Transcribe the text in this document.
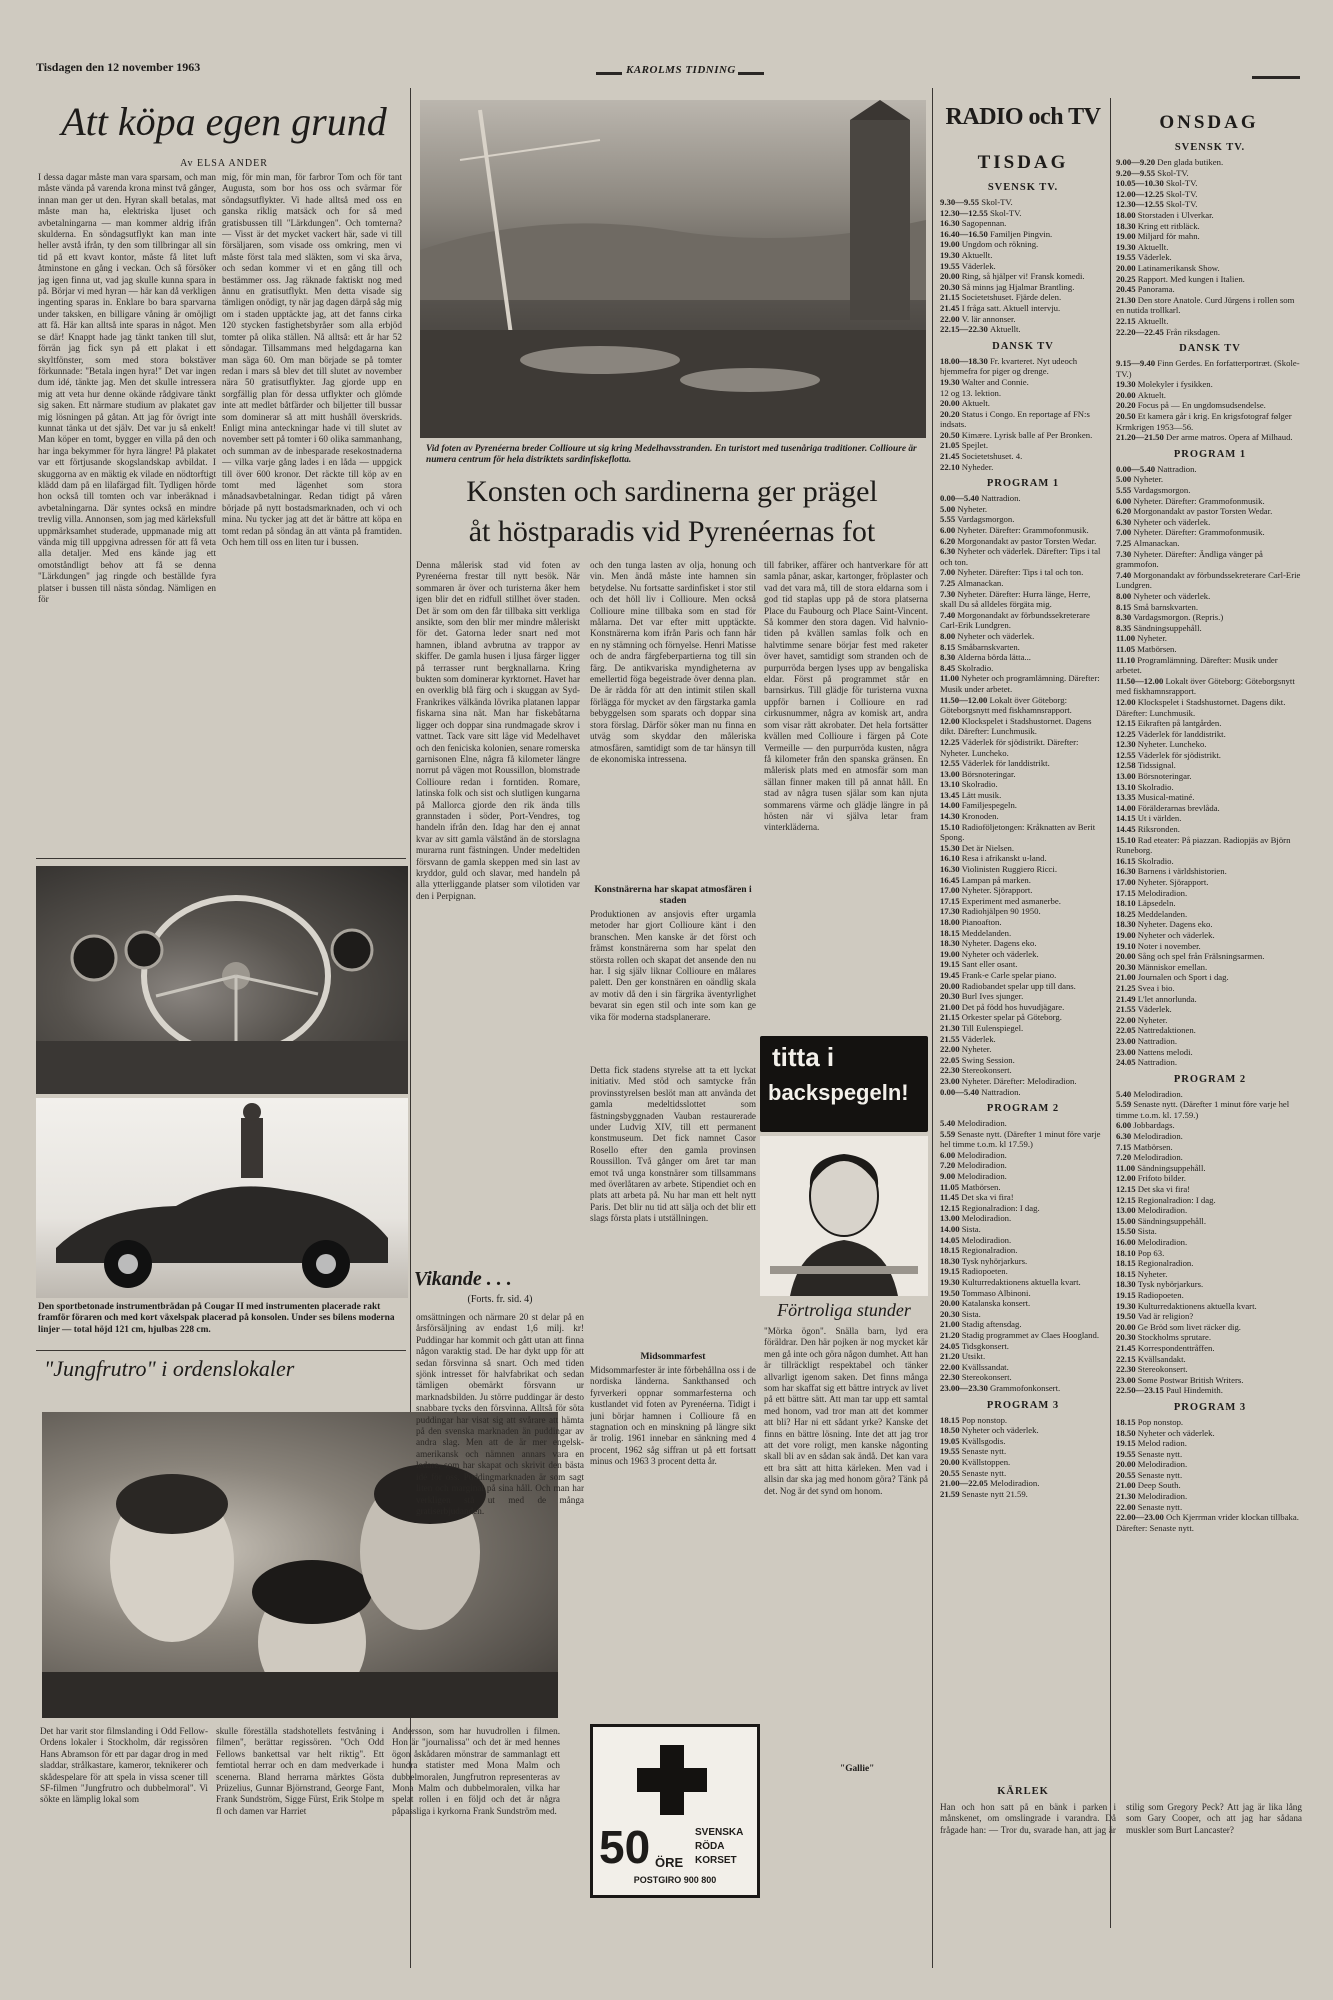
Tisdagen den 12 november 1963	KAROLMS TIDNING
Att köpa egen grund
Av ELSA ANDER
I dessa dagar måste man vara sparsam, och man måste vända på varenda krona minst två gånger, innan man ger ut den. Hyran skall betalas, mat måste man ha, elektriska ljuset och avbetalningarna — man kommer aldrig ifrån skulderna. En söndagsutflykt kan man inte heller avstå ifrån, ty den som tillbringar all sin tid på ett kvavt kontor, måste få litet luft åtminstone en gång i veckan. Och så försöker jag igen finna ut, vad jag skulle kunna spara in på. Börjar vi med hyran — här kan då verkligen ingenting sparas in. Enklare bo bara sparvarna under taksken, en billigare våning är omöjligt att få. Här kan alltså inte sparas in något. Men se där! Knappt hade jag tänkt tanken till slut, förrän jag fick syn på ett plakat i ett skyltfönster, som med stora bokstäver förkunnade: "Betala ingen hyra!" Det var ingen dum idé, tänkte jag. Men det skulle intressera mig att veta hur denne okände rådgivare tänkt sig saken. Ett närmare studium av plakatet gav mig lösningen på gåtan. Att jag för övrigt inte kunnat tänka ut det själv. Det var ju så enkelt! Man köper en tomt, bygger en villa på den och har inga bekymmer för hyra längre! På plakatet var ett förtjusande skogslandskap avbildat. I skuggorna av en mäktig ek vilade en nödtorftigt klädd dam på en lilafärgad filt. Tydligen hörde hon också till tomten och var inberäknad i avbetalningarna. Där syntes också en mindre trevlig villa. Annonsen, som jag med kärleksfull uppmärksamhet studerade, uppmanade mig att vända mig till uppgivna adressen för att få veta alla detaljer. Med ens kände jag ett omotståndligt behov att få se denna "Lärkdungen" jag ringde och beställde fyra platser i bussen till nästa söndag. Nämligen en för
mig, för min man, för farbror Tom och för tant Augusta, som bor hos oss och svärmar för söndagsutflykter. Vi hade alltså med oss en ganska riklig matsäck och for så med gratisbussen till "Lärkdungen". Och tomterna? — Visst är det mycket vackert här, sade vi till försäljaren, som visade oss omkring, men vi måste först tala med släkten, som vi ska ärva, och sedan kommer vi et en gång till och bestämmer oss. Jag räknade faktiskt nog med ännu en gratisutflykt. Men detta visade sig tämligen onödigt, ty när jag dagen därpå såg mig om i staden upptäckte jag, att det fanns cirka 120 stycken fastighetsbyråer som alla erbjöd tomter på olika ställen. Nå alltså: ett år har 52 söndagar. Tillsammans med helgdagarna kan man säga 60. Om man började se på tomter redan i mars så blev det till slutet av november nära 50 gratisutflykter. Jag gjorde upp en sorgfällig plan för dessa utflykter och glömde inte att medlet båtfärder och biljetter till bussar som dominerar så att mitt hushåll överskrids. Enligt mina anteckningar hade vi till slutet av november sett på tomter i 60 olika sammanhang, och summan av de inbesparade resekostnaderna — vilka varje gång lades i en låda — uppgick till över 600 kronor. Det räckte till köp av en tomt med lägenhet som stora månadsavbetalningar. Redan tidigt på våren började på nytt bostadsmarknaden, och vi och mina. Nu tycker jag att det är bättre att köpa en tomt redan på söndag än att vänta på framtiden. Och hem till oss en liten tur i bussen.
Den sportbetonade instrumentbrädan på Cougar II med instrumenten placerade rakt framför föraren och med kort växelspak placerad på konsolen. Under ses bilens moderna linjer — total höjd 121 cm, hjulbas 228 cm.
"Jungfrutro" i ordenslokaler
Det har varit stor filmslanding i Odd Fellow-Ordens lokaler i Stockholm, där regissören Hans Abramson för ett par dagar drog in med sladdar, strålkastare, kameror, teknikerer och skådespelare för att spela in vissa scener till SF-filmen "Jungfrutro och dubbelmoral". Vi sökte en lämplig lokal som
skulle föreställa stadshotellets festvåning i filmen", berättar regissören. "Och Odd Fellows bankettsal var helt riktig". Ett femtiotal herrar och en dam medverkade i scenerna. Bland herrarna märktes Gösta Prüzelius, Gunnar Björnstrand, George Fant, Frank Sundström, Sigge Fürst, Erik Stolpe m fl och damen var Harriet
Andersson, som har huvudrollen i filmen. Hon är "journalissa" och det är med hennes ögon åskådaren mönstrar de sammanlagt ett hundra statister med Mona Malm och dubbelmoralen, Jungfrutron representeras av Mona Malm och dubbelmoralen, vilka har spelat rollen i en följd och det är några påpassliga i kyrkorna Frank Sundström med.
Vikande . . .
(Forts. fr. sid. 4)
omsättningen och närmare 20 st delar på en årsförsäljning av endast 1,6 milj. kr! Puddingar har kommit och gått utan att finna någon varaktig stad. De har dykt upp för att sedan försvinna så snart. Och med tiden sjönk intresset för halvfabrikat och sedan tämligen obemärkt försvann ur marknadsbilden. Ju större puddingar är desto snabbare tycks den försvinna. Alltså för söta puddingar har visat sig att svårare att hämta på den svenska marknaden än puddingar av andra slag. Men att de är mer engelsk-amerikansk och nämnen annars vara en ledare, som har skapat och skrivit den bästa idé för oss. Puddingmarknaden är som sagt liten och marginal på sina håll. Och man har verkligen stå ut med de många gratiserbjudanden.
Vid foten av Pyrenéerna breder Collioure ut sig kring Medelhavsstranden. En turistort med tusenåriga traditioner. Collioure är numera centrum för hela distriktets sardinfiskeflotta.
Konsten och sardinerna ger prägel
åt höstparadis vid Pyrenéernas fot
Denna målerisk stad vid foten av Pyrenéerna frestar till nytt besök. När sommaren är över och turisterna åker hem igen blir det en ridfull stillhet över staden. Det är som om den får tillbaka sitt verkliga ansikte, som den blir mer mindre måleriskt för det. Gatorna leder snart ned mot hamnen, ibland avbrutna av trappor av skiffer. De gamla husen i ljusa färger ligger på terrasser runt bergknallarna. Kring bukten som dominerar kyrktornet. Havet har en overklig blå färg och i skuggan av Syd-Frankrikes välkända lövrika platanen lappar fiskarna sina nät. Man har fiskebåtarna ligger och doppar sina rundmagade skrov i vattnet. Tack vare sitt läge vid Medelhavet och den feniciska kolonien, senare romerska garnisonen Elne, några få kilometer längre norrut på vägen mot Roussillon, blomstrade Collioure redan i forntiden. Romare, latinska folk och sist och slutligen kungarna på Mallorca gjorde den rik ända tills grannstaden i söder, Port-Vendres, tog handeln ifrån den. Idag har den ej annat kvar av sitt gamla välstånd än de storslagna murarna runt fästningen. Under medeltiden försvann de gamla skeppen med sin last av kryddor, guld och slavar, med handeln på alla ytterliggande platser som vilotiden var den i Perpignan.
och den tunga lasten av olja, honung och vin. Men ändå måste inte hamnen sin betydelse. Nu fortsatte sardinfisket i stor stil och det höll liv i Collioure. Men också Collioure mine tillbaka som en stad för målarna. Det var efter mitt upptäckte. Konstnärerna kom ifrån Paris och fann här en ny stämning och förnyelse. Henri Matisse och de andra färgfeberpartierna tog till sin färg. De antikvariska myndigheterna av emellertid föga begeistrade över denna plan. De är rädda för att den intimit stilen skall förlägga för mycket av den färgstarka gamla bebyggelsen som sparats och doppar sina stora förslag. Därför söker man nu finna en utväg som skyddar den måleriska atmosfären, samtidigt som de tar hänsyn till de ekonomiska intressena.
Konstnärerna har skapat atmosfären i staden
Produktionen av ansjovis efter urgamla metoder har gjort Collioure känt i den branschen. Men kanske är det först och främst konstnärerna som har spelat den största rollen och skapat det ansende den nu har. I sig själv liknar Collioure en målares palett. Den ger konstnären en oändlig skala av motiv då den i sin färgrika äventyrlighet bevarat sin egen stil och inte som kan ge vika för moderna stadsplanerare.
Detta fick stadens styrelse att ta ett lyckat initiativ. Med stöd och samtycke från provinsstyrelsen beslöt man att använda det gamla medeltidsslottet som fästningsbyggnaden Vauban restaurerade under Ludvig XIV, till ett permanent konstmuseum. Det fick namnet Casor Rosello efter den gamla provinsen Roussillon. Två gånger om året tar man emot två unga konstnärer som tillsammans med överlåtaren av arbete. Stipendiet och en plats att arbeta på. Nu har man ett helt nytt Paris. Det blir nu tid att sälja och det blir ett slags första plats i utställningen.
Midsommarfest
Midsommarfester är inte förbehållna oss i de nordiska länderna. Sankthansed och fyrverkeri oppnar sommarfesterna och kustlandet vid foten av Pyrenéerna. Tidigt i juni börjar hamnen i Collioure få en stagnation och en minskning på längre sikt är trolig. 1961 innebar en sänkning med 4 procent, 1962 såg siffran ut på ett fortsatt minus och 1963 3 procent detta år.
till fabriker, affärer och hantverkare för att samla pånar, askar, kartonger, fröplaster och vad det vara må, till de stora eldarna som i god tid staplas upp på de stora platserna Place du Faubourg och Place Saint-Vincent. Så kommer den stora dagen. Vid halvnio-tiden på kvällen samlas folk och en halvtimme senare börjar fest med raketer över havet, samtidigt som stranden och de purpurröda bergen lyses upp av bengaliska eldar. Först på programmet står en barnsirkus. Till glädje för turisterna vuxna uppför barnen i Collioure en rad cirkusnummer, några av komisk art, andra som visar rätt akrobater. Det hela fortsätter kvällen med Collioure i färgen på Cote Vermeille — den purpurröda kusten, några få kilometer från den spanska gränsen. En målerisk plats med en atmosfär som man sällan finner maken till på annat håll. En stad av några tusen själar som kan njuta sommarens värme och glädje längre in på hösten när vi själva letar fram vinterkläderna.
titta i
backspegeln!
Förtroliga stunder
"Mörka ögon". Snälla barn, lyd era föräldrar. Den här pojken är nog mycket kär men gå inte och göra någon dumhet. Att han är tillräckligt respektabel och tänker allvarligt igenom saken. Det finns många som har skaffat sig ett bättre intryck av livet på ett bättre sätt. Att man tar upp ett samtal med honom, vad tror man att det kommer att bli? Har ni ett sådant yrke? Kanske det finns en bättre lösning. Inte det att jag tror att det vore roligt, men kanske någonting skall bli av en sådan sak ändå. Det kan vara ett bra sätt att hitta kärleken. Men vad i allsin dar ska jag med honom göra? Tänk på det. Nog är det synd om honom.
"Gallie"
50 ÖRE
SVENSKA
RÖDA
KORSET
POSTGIRO 900 800
RADIO och TV
TISDAG
ONSDAG
SVENSK TV.
9.30—9.55 Skol-TV.
12.30—12.55 Skol-TV.
16.30 Sagopennan.
16.40—16.50 Familjen Pingvin.
19.00 Ungdom och rökning.
19.30 Aktuellt.
19.55 Väderlek.
20.00 Ring, så hjälper vi! Fransk komedi.
20.30 Så minns jag Hjalmar Brantling.
21.15 Societetshuset. Fjärde delen.
21.45 I fråga satt. Aktuell intervju.
22.00 V. lär annonser.
22.15—22.30 Aktuellt.
DANSK TV
18.00—18.30 Fr. kvarteret. Nyt udeoch hjemmefra for piger og drenge.
19.30 Walter and Connie.
12 og 13. lektion.
20.00 Aktuelt.
20.20 Status i Congo. En reportage af FN:s indsats.
20.50 Kimære. Lyrisk balle af Per Bronken.
21.05 Spejlet.
21.45 Societetshuset. 4.
22.10 Nyheder.
PROGRAM 1
0.00—5.40 Nattradion.
5.00 Nyheter.
5.55 Vardagsmorgon.
6.00 Nyheter. Därefter: Grammofonmusik.
6.20 Morgonandakt av pastor Torsten Wedar.
6.30 Nyheter och väderlek. Därefter: Tips i tal och ton.
7.00 Nyheter. Därefter: Tips i tal och ton.
7.25 Almanackan.
7.30 Nyheter. Därefter: Hurra länge, Herre, skall Du så alldeles förgäta mig.
7.40 Morgonandakt av förbundssekreterare Carl-Erik Lundgren.
8.00 Nyheter och väderlek.
8.15 Småbarnskvarten.
8.30 Alderna börda lätta...
8.45 Skolradio.
11.00 Nyheter och programlämning. Därefter: Musik under arbetet.
11.50—12.00 Lokalt över Göteborg: Göteborgsnytt med fiskhamnsrapport.
12.00 Klockspelet i Stadshustornet. Dagens dikt. Därefter: Lunchmusik.
12.25 Väderlek för sjödistrikt. Därefter: Nyheter. Luncheko.
12.55 Väderlek för landdistrikt.
13.00 Börsnoteringar.
13.10 Skolradio.
13.45 Lätt musik.
14.00 Familjespegeln.
14.30 Kronoden.
15.10 Radioföljetongen: Kråknatten av Berit Spong.
15.30 Det är Nielsen.
16.10 Resa i afrikanskt u-land.
16.30 Violinisten Ruggiero Ricci.
16.45 Lampan på marken.
17.00 Nyheter. Sjörapport.
17.15 Experiment med asmanerbe.
17.30 Radiohjälpen 90 1950.
18.00 Pianoafton.
18.15 Meddelanden.
18.30 Nyheter. Dagens eko.
19.00 Nyheter och väderlek.
19.15 Sant eller osant.
19.45 Frank-e Carle spelar piano.
20.00 Radiobandet spelar upp till dans.
20.30 Burl Ives sjunger.
21.00 Det på född hos huvudjägare.
21.15 Orkester spelar på Göteborg.
21.30 Till Eulenspiegel.
21.55 Väderlek.
22.00 Nyheter.
22.05 Swing Session.
22.30 Stereokonsert.
23.00 Nyheter. Därefter: Melodiradion.
0.00—5.40 Nattradion.
PROGRAM 2
5.40 Melodiradion.
5.59 Senaste nytt. (Därefter 1 minut före varje hel timme t.o.m. kl 17.59.)
6.00 Melodiradion.
7.20 Melodiradion.
9.00 Melodiradion.
11.05 Matbörsen.
11.45 Det ska vi fira!
12.15 Regionalradion: I dag.
13.00 Melodiradion.
14.00 Sista.
14.05 Melodiradion.
18.15 Regionalradion.
18.30 Tysk nyhörjarkurs.
19.15 Radiopoeten.
19.30 Kulturredaktionens aktuella kvart.
19.50 Tommaso Albinoni.
20.00 Katalanska konsert.
20.30 Sista.
21.00 Stadig aftensdag.
21.20 Stadig programmet av Claes Hoogland.
24.05 Tidsgkonsert.
21.20 Utsikt.
22.00 Kvällssandat.
22.30 Stereokonsert.
23.00—23.30 Grammofonkonsert.
PROGRAM 3
18.15 Pop nonstop.
18.50 Nyheter och väderlek.
19.05 Kvällsgodis.
19.55 Senaste nytt.
20.00 Kvällstoppen.
20.55 Senaste nytt.
21.00—22.05 Melodiradion.
21.59 Senaste nytt 21.59.
SVENSK TV.
9.00—9.20 Den glada butiken.
9.20—9.55 Skol-TV.
10.05—10.30 Skol-TV.
12.00—12.25 Skol-TV.
12.30—12.55 Skol-TV.
18.00 Storstaden i Ulverkar.
18.30 Kring ett ritbläck.
19.00 Miljard för mahn.
19.30 Aktuellt.
19.55 Väderlek.
20.00 Latinamerikansk Show.
20.25 Rapport. Med kungen i Italien.
20.45 Panorama.
21.30 Den store Anatole. Curd Jürgens i rollen som en nutida trollkarl.
22.15 Aktuellt.
22.20—22.45 Från riksdagen.
DANSK TV
9.15—9.40 Finn Gerdes. En forfatterportræt. (Skole-TV.)
19.30 Molekyler i fysikken.
20.00 Aktuelt.
20.20 Focus på — En ungdomsudsendelse.
20.50 Et kamera går i krig. En krigsfotograf følger Krmkrigen 1953—56.
21.20—21.50 Der arme matros. Opera af Milhaud.
PROGRAM 1
0.00—5.40 Nattradion.
5.00 Nyheter.
5.55 Vardagsmorgon.
6.00 Nyheter. Därefter: Grammofonmusik.
6.20 Morgonandakt av pastor Torsten Wedar.
6.30 Nyheter och väderlek.
7.00 Nyheter. Därefter: Grammofonmusik.
7.25 Almanackan.
7.30 Nyheter. Därefter: Ändliga vänger på grammofon.
7.40 Morgonandakt av förbundssekreterare Carl-Erie Lundgren.
8.00 Nyheter och väderlek.
8.15 Små barnskvarten.
8.30 Vardagsmorgon. (Repris.)
8.35 Sändningsuppehåll.
11.00 Nyheter.
11.05 Matbörsen.
11.10 Programlämning. Därefter: Musik under arbetet.
11.50—12.00 Lokalt över Göteborg: Göteborgsnytt med fiskhamnsrapport.
12.00 Klockspelet i Stadshustornet. Dagens dikt. Därefter: Lunchmusik.
12.15 Eikraften på lantgården.
12.25 Väderlek för landdistrikt.
12.30 Nyheter. Luncheko.
12.55 Väderlek för sjödistrikt.
12.58 Tidssignal.
13.00 Börsnoteringar.
13.10 Skolradio.
13.35 Musical-matiné.
14.00 Förälderarnas brevlåda.
14.15 Ut i världen.
14.45 Riksronden.
15.10 Rad eteater: På piazzan. Radiopjäs av Björn Runeborg.
16.15 Skolradio.
16.30 Barnens i världshistorien.
17.00 Nyheter. Sjörapport.
17.15 Melodiradion.
18.10 Läpsedeln.
18.25 Meddelanden.
18.30 Nyheter. Dagens eko.
19.00 Nyheter och väderlek.
19.10 Noter i november.
20.00 Sång och spel från Frälsningsarmen.
20.30 Människor emellan.
21.00 Journalen och Sport i dag.
21.25 Svea i bio.
21.49 L'let annorlunda.
21.55 Väderlek.
22.00 Nyheter.
22.05 Nattredaktionen.
23.00 Nattradion.
23.00 Nattens melodi.
24.05 Nattradion.
PROGRAM 2
5.40 Melodiradion.
5.59 Senaste nytt. (Därefter 1 minut före varje hel timme t.o.m. kl. 17.59.)
6.00 Jobbardags.
6.30 Melodiradion.
7.15 Matbörsen.
7.20 Melodiradion.
11.00 Sändningsuppehåll.
12.00 Frifoto bilder.
12.15 Det ska vi fira!
12.15 Regionalradion: I dag.
13.00 Melodiradion.
15.00 Sändningsuppehåll.
15.50 Sista.
16.00 Melodiradion.
18.10 Pop 63.
18.15 Regionalradion.
18.15 Nyheter.
18.30 Tysk nybörjarkurs.
19.15 Radiopoeten.
19.30 Kulturredaktionens aktuella kvart.
19.50 Vad är religion?
20.00 Ge Bröd som livet räcker dig.
20.30 Stockholms sprutare.
21.45 Korrespondenttråffen.
22.15 Kvällsandakt.
22.30 Stereokonsert.
23.00 Some Postwar British Writers.
22.50—23.15 Paul Hindemith.
PROGRAM 3
18.15 Pop nonstop.
18.50 Nyheter och väderlek.
19.15 Melod radion.
19.55 Senaste nytt.
20.00 Melodiradion.
20.55 Senaste nytt.
21.00 Deep South.
21.30 Melodiradion.
22.00 Senaste nytt.
22.00—23.00 Och Kjerrman vrider klockan tillbaka. Därefter: Senaste nytt.
KÄRLEK
Han och hon satt på en bänk i parken i månskenet, om omslingrade i varandra. Då frågade han: — Tror du, svarade han, att jag är stilig som Gregory Peck? Att jag är lika lång som Gary Cooper, och att jag har sådana muskler som Burt Lancaster?
